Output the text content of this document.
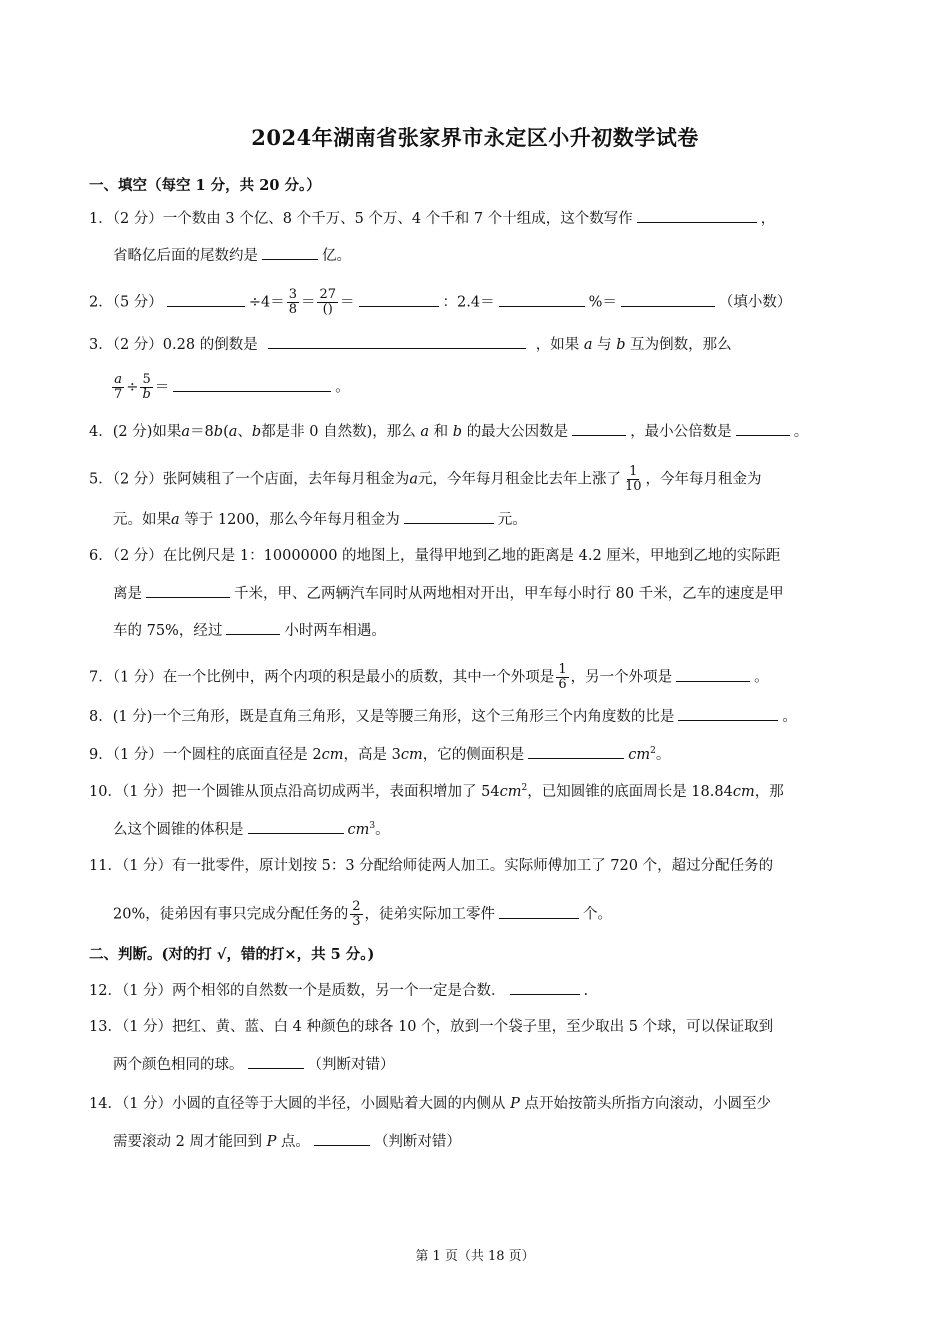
2024年湖南省张家界市永定区小升初数学试卷
一、填空（每空 1 分，共 20 分。）
1．（2 分）一个数由 3 个亿、8 个千万、5 个万、4 个千和 7 个十组成，这个数写作	，
省略亿后面的尾数约是	亿。
2．（5 分）	$\div 4= \frac{3}{8} = \frac{27}{()}$ ＝	：2.4＝	%＝	（填小数）
3．（2 分）0.28 的倒数是	，如果 a 与 b 互为倒数，那么
$\frac{a}{7} \div \frac{5}{b}$ ＝	。
4．(2 分)如果a＝8b(a、b都是非 0 自然数)，那么 a 和 b 的最大公因数是	，最小公倍数是	。
5．（2 分）张阿姨租了一个店面，去年每月租金为a元，今年每月租金比去年上涨了 $\frac{1}{10}$ ，今年每月租金为
元。如果a 等于 1200，那么今年每月租金为	元。
6．（2 分）在比例尺是 1：10000000 的地图上，量得甲地到乙地的距离是 4.2 厘米，甲地到乙地的实际距
离是	千米，甲、乙两辆汽车同时从两地相对开出，甲车每小时行 80 千米，乙车的速度是甲
车的 75%，经过	小时两车相遇。
7．（1 分）在一个比例中，两个内项的积是最小的质数，其中一个外项是 $\frac{1}{6}$ ，另一个外项是	。
8．(1 分)一个三角形，既是直角三角形，又是等腰三角形，这个三角形三个内角度数的比是	。
9．（1 分）一个圆柱的底面直径是 2cm，高是 3cm，它的侧面积是	$cm^2$。
10．（1 分）把一个圆锥从顶点沿高切成两半，表面积增加了 $54cm^2$，已知圆锥的底面周长是 18.84cm，那
么这个圆锥的体积是	$cm^3$。
11．（1 分）有一批零件，原计划按 5：3 分配给师徒两人加工。实际师傅加工了 720 个，超过分配任务的
20%，徒弟因有事只完成分配任务的 $\frac{2}{3}$ ，徒弟实际加工零件	个。
二、判断。(对的打 √，错的打×，共 5 分。)
12．（1 分）两个相邻的自然数一个是质数，另一个一定是合数．	.
13．（1 分）把红、黄、蓝、白 4 种颜色的球各 10 个，放到一个袋子里，至少取出 5 个球，可以保证取到
两个颜色相同的球。	（判断对错）
14．（1 分）小圆的直径等于大圆的半径，小圆贴着大圆的内侧从 P 点开始按箭头所指方向滚动，小圆至少
需要滚动 2 周才能回到 P 点。	（判断对错）
第 1 页（共 18 页）
